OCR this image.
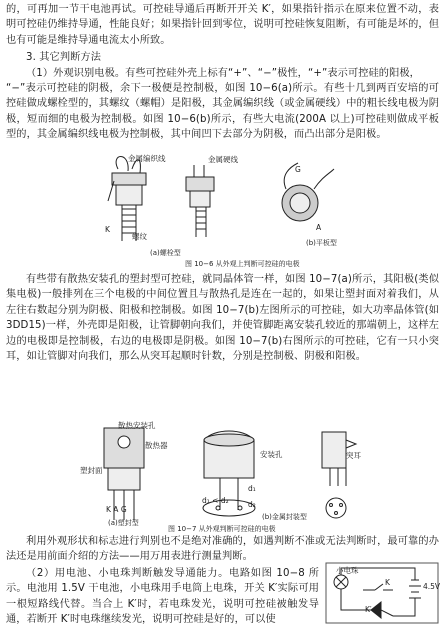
的，可再加一节干电池再试。可控硅导通后再断开开关 K′，如果指针指示在原来位置不动，表明可控硅仍维持导通，性能良好；如果指针回到零位，说明可控硅恢复阻断，有可能是坏的，但也有可能是维持导通电流太小所致。

3. 其它判断方法

（1）外观识别电极。有些可控硅外壳上标有“+”、“−”极性，“+”表示可控硅的阳极，

“−”表示可控硅的阴极，余下一极便是控制极，如图 10−6(a)所示。有些十几到两百安培的可控硅做成螺栓型的，其螺纹（螺帽）是阳极，其金属编织线（或金属硬线）中的粗长线电极为阴极，短而细的电极为控制极。如图 10−6(b)所示，有些大电流(200A 以上)可控硅则做成平板型的，其金属编织线电极为控制极，其中间凹下去部分为阴极，而凸出部分是阳极。

金属编织线	金属硬线
螺纹
K
G
A
(a)螺栓型
(b)平板型
图 10−6 从外观上判断可控硅的电极

有些带有散热安装孔的塑封型可控硅，就同晶体管一样，如图 10−7(a)所示，其阳极(类似集电极)一般排列在三个电极的中间位置且与散热孔是连在一起的，如果让塑封面对着我们，从左往右数起分别为阴极、阳极和控制极。如图 10−7(b)左图所示的可控硅，如大功率晶体管(如 3DD15)一样，外壳即是阳极，让管脚朝向我们，并使管脚距离安装孔较近的那端朝上，这样左边的电极即是控制极，右边的电极即是阴极。如图 10−7(b)右图所示的可控硅，它有一只小突耳，如让管脚对向我们，那么从突耳起顺时针数，分别是控制极、阴极和阳极。

散热安装孔
散热器
塑封面
安装孔	突耳
K A G
d₁
d₂
d₁ < d₂
(a)塑封型
(b)金属封装型
图 10−7 从外观判断可控硅的电极

利用外观形状和标志进行判别也不是绝对准确的，如遇判断不准或无法判断时，最可靠的办法还是用前面介绍的方法——用万用表进行测量判断。

（2）用电池、小电珠判断触发导通能力。电路如图 10−8 所示。电池用 1.5V 干电池，小电珠用手电筒上电珠，开关 K′实际可用一根短路线代替。当合上 K′时，若电珠发光，说明可控硅被触发导通，若断开 K′时电珠继续发光，说明可控硅是好的，可以使

小电珠
4.5V
K
K′
